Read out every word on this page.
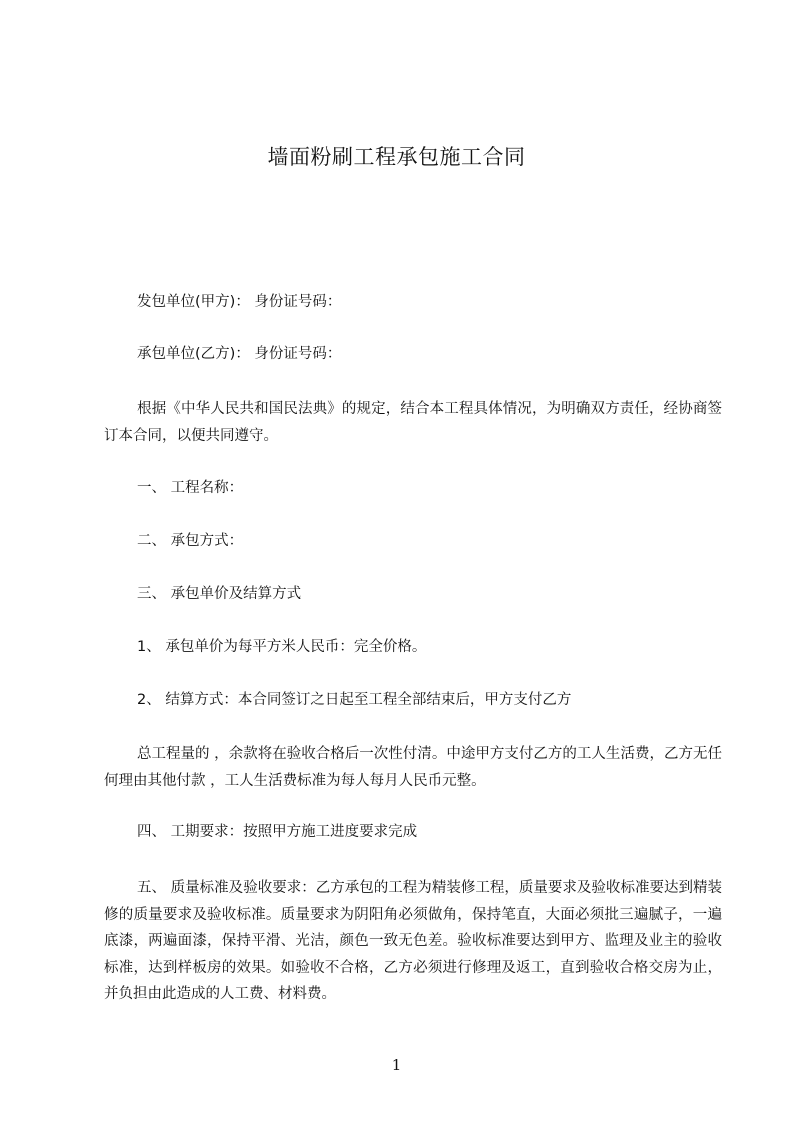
墙面粉刷工程承包施工合同
发包单位(甲方)： 身份证号码：
承包单位(乙方)： 身份证号码：
根据《中华人民共和国民法典》的规定，结合本工程具体情况，为明确双方责任，经协商签订本合同，以便共同遵守。
一、 工程名称：
二、 承包方式：
三、 承包单价及结算方式
1、 承包单价为每平方米人民币：完全价格。
2、 结算方式：本合同签订之日起至工程全部结束后，甲方支付乙方
总工程量的 ，余款将在验收合格后一次性付清。中途甲方支付乙方的工人生活费，乙方无任何理由其他付款 ，工人生活费标准为每人每月人民币元整。
四、 工期要求：按照甲方施工进度要求完成
五、 质量标准及验收要求：乙方承包的工程为精装修工程，质量要求及验收标准要达到精装修的质量要求及验收标准。质量要求为阴阳角必须做角，保持笔直，大面必须批三遍腻子，一遍底漆，两遍面漆，保持平滑、光洁，颜色一致无色差。验收标准要达到甲方、监理及业主的验收标准，达到样板房的效果。如验收不合格，乙方必须进行修理及返工，直到验收合格交房为止，并负担由此造成的人工费、材料费。
1
